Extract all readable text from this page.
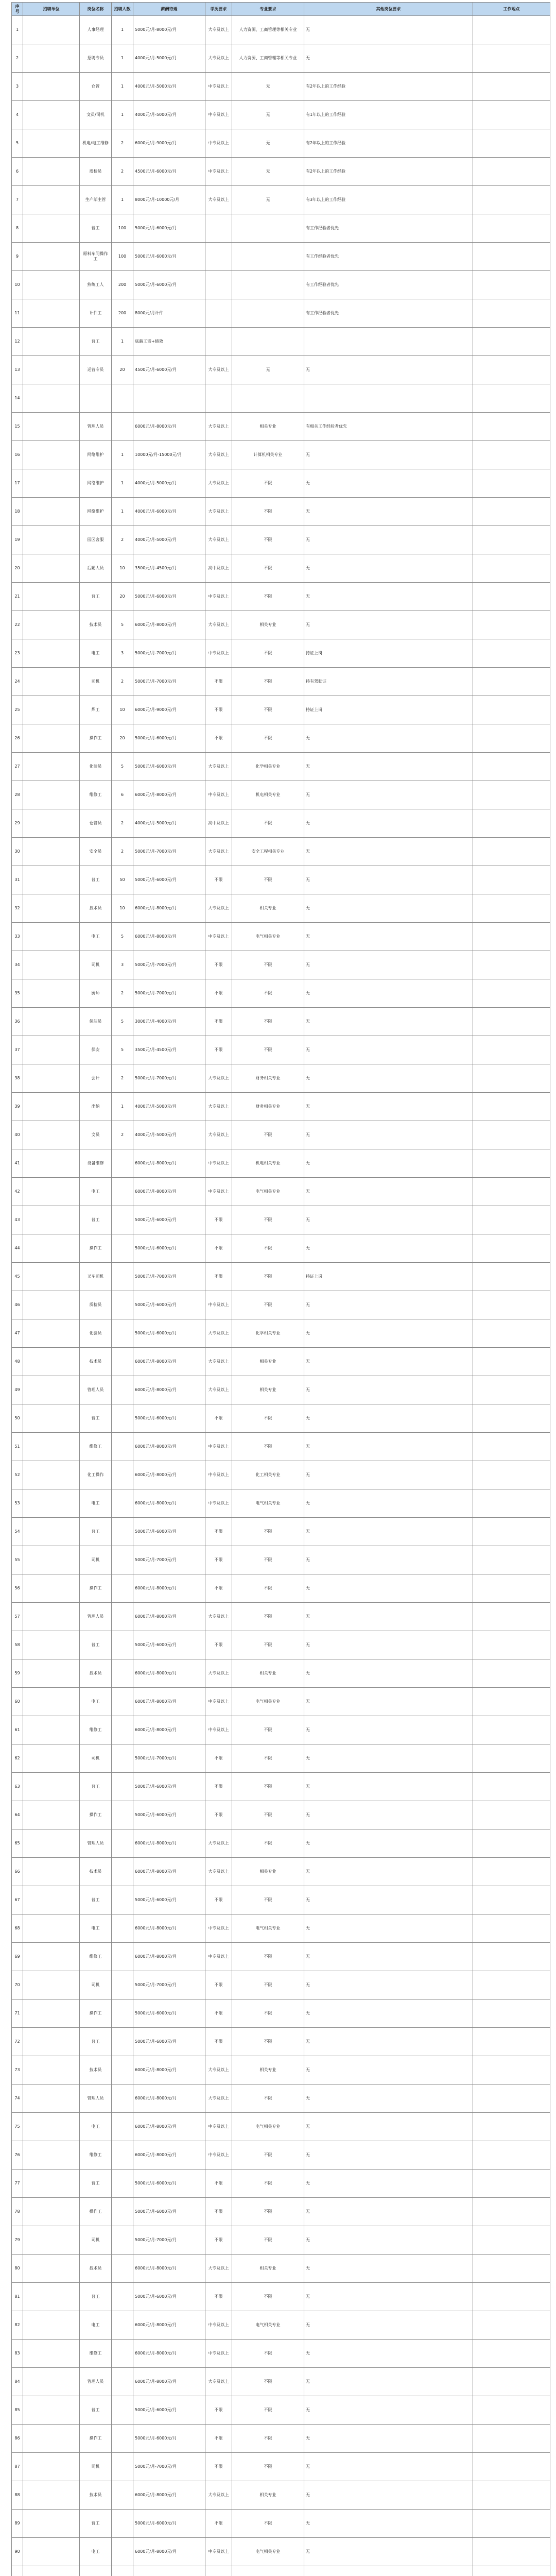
序号	招聘单位	岗位名称	招聘人数	薪酬待遇	学历要求	专业要求	其他岗位要求	工作地点
1		人事经理	1	5000元/月-8000元/月	大专及以上	人力资源、工商管理等相关专业	无	
2		招聘专员	1	4000元/月-5000元/月	大专及以上	人力资源、工商管理等相关专业	无	
3		仓管	1	4000元/月-5000元/月	中专及以上	无	有2年以上的工作经验	
4		文员/司机	1	4000元/月-5000元/月	中专及以上	无	有1年以上的工作经验	
5		机电/电工维修	2	6000元/月-9000元/月	中专及以上	无	有2年以上的工作经验	
6		质检员	2	4500元/月-6000元/月	中专及以上	无	有2年以上的工作经验	
7		生产部主管	1	8000元/月-10000元/月	大专及以上	无	有3年以上的工作经验	
8		普工	100	5000元/月-6000元/月			有工作经验者优先	
9		原料车间操作工	100	5000元/月-6000元/月			有工作经验者优先	
10		熟练工人	200	5000元/月-6000元/月			有工作经验者优先	
11		计件工	200	8000元/月计件			有工作经验者优先	
12		普工	1	底薪工资+绩效				
13		运营专员	20	4500元/月-6000元/月	大专及以上	无	无	
14								
15		管理人员		6000元/月-8000元/月	大专及以上	相关专业	有相关工作经验者优先	
16		网络维护	1	10000元/月-15000元/月	大专及以上	计算机相关专业	无	
17		网络维护	1	4000元/月-5000元/月	大专及以上	不限	无	
18		网络维护	1	4000元/月-6000元/月	大专及以上	不限	无	
19		园区客服	2	4000元/月-5000元/月	大专及以上	不限	无	
20		后勤人员	10	3500元/月-4500元/月	高中及以上	不限	无	
21		普工	20	5000元/月-6000元/月	中专及以上	不限	无	
22		技术员	5	6000元/月-8000元/月	大专及以上	相关专业	无	
23		电工	3	5000元/月-7000元/月	中专及以上	不限	持证上岗	
24		司机	2	5000元/月-7000元/月	不限	不限	持有驾驶证	
25		焊工	10	6000元/月-9000元/月	不限	不限	持证上岗	
26		操作工	20	5000元/月-6000元/月	不限	不限	无	
27		化验员	5	5000元/月-6000元/月	大专及以上	化学相关专业	无	
28		维修工	6	6000元/月-8000元/月	中专及以上	机电相关专业	无	
29		仓管员	2	4000元/月-5000元/月	高中及以上	不限	无	
30		安全员	2	5000元/月-7000元/月	大专及以上	安全工程相关专业	无	
31		普工	50	5000元/月-6000元/月	不限	不限	无	
32		技术员	10	6000元/月-8000元/月	大专及以上	相关专业	无	
33		电工	5	6000元/月-8000元/月	中专及以上	电气相关专业	无	
34		司机	3	5000元/月-7000元/月	不限	不限	无	
35		厨师	2	5000元/月-7000元/月	不限	不限	无	
36		保洁员	5	3000元/月-4000元/月	不限	不限	无	
37		保安	5	3500元/月-4500元/月	不限	不限	无	
38		会计	2	5000元/月-7000元/月	大专及以上	财务相关专业	无	
39		出纳	1	4000元/月-5000元/月	大专及以上	财务相关专业	无	
40		文员	2	4000元/月-5000元/月	大专及以上	不限	无	
41		设备维修		6000元/月-8000元/月	中专及以上	机电相关专业	无	
42		电工		6000元/月-8000元/月	中专及以上	电气相关专业	无	
43		普工		5000元/月-6000元/月	不限	不限	无	
44		操作工		5000元/月-6000元/月	不限	不限	无	
45		叉车司机		5000元/月-7000元/月	不限	不限	持证上岗	
46		质检员		5000元/月-6000元/月	中专及以上	不限	无	
47		化验员		5000元/月-6000元/月	大专及以上	化学相关专业	无	
48		技术员		6000元/月-8000元/月	大专及以上	相关专业	无	
49		管理人员		6000元/月-8000元/月	大专及以上	相关专业	无	
50		普工		5000元/月-6000元/月	不限	不限	无	
51		维修工		6000元/月-8000元/月	中专及以上	不限	无	
52		化工操作		6000元/月-8000元/月	中专及以上	化工相关专业	无	
53		电工		6000元/月-8000元/月	中专及以上	电气相关专业	无	
54		普工		5000元/月-6000元/月	不限	不限	无	
55		司机		5000元/月-7000元/月	不限	不限	无	
56		操作工		6000元/月-8000元/月	不限	不限	无	
57		管理人员		6000元/月-8000元/月	大专及以上	不限	无	
58		普工		5000元/月-6000元/月	不限	不限	无	
59		技术员		6000元/月-8000元/月	大专及以上	相关专业	无	
60		电工		6000元/月-8000元/月	中专及以上	电气相关专业	无	
61		维修工		6000元/月-8000元/月	中专及以上	不限	无	
62		司机		5000元/月-7000元/月	不限	不限	无	
63		普工		5000元/月-6000元/月	不限	不限	无	
64		操作工		5000元/月-6000元/月	不限	不限	无	
65		管理人员		6000元/月-8000元/月	大专及以上	不限	无	
66		技术员		6000元/月-8000元/月	大专及以上	相关专业	无	
67		普工		5000元/月-6000元/月	不限	不限	无	
68		电工		6000元/月-8000元/月	中专及以上	电气相关专业	无	
69		维修工		6000元/月-8000元/月	中专及以上	不限	无	
70		司机		5000元/月-7000元/月	不限	不限	无	
71		操作工		5000元/月-6000元/月	不限	不限	无	
72		普工		5000元/月-6000元/月	不限	不限	无	
73		技术员		6000元/月-8000元/月	大专及以上	相关专业	无	
74		管理人员		6000元/月-8000元/月	大专及以上	不限	无	
75		电工		6000元/月-8000元/月	中专及以上	电气相关专业	无	
76		维修工		6000元/月-8000元/月	中专及以上	不限	无	
77		普工		5000元/月-6000元/月	不限	不限	无	
78		操作工		5000元/月-6000元/月	不限	不限	无	
79		司机		5000元/月-7000元/月	不限	不限	无	
80		技术员		6000元/月-8000元/月	大专及以上	相关专业	无	
81		普工		5000元/月-6000元/月	不限	不限	无	
82		电工		6000元/月-8000元/月	中专及以上	电气相关专业	无	
83		维修工		6000元/月-8000元/月	中专及以上	不限	无	
84		管理人员		6000元/月-8000元/月	大专及以上	不限	无	
85		普工		5000元/月-6000元/月	不限	不限	无	
86		操作工		5000元/月-6000元/月	不限	不限	无	
87		司机		5000元/月-7000元/月	不限	不限	无	
88		技术员		6000元/月-8000元/月	大专及以上	相关专业	无	
89		普工		5000元/月-6000元/月	不限	不限	无	
90		电工		6000元/月-8000元/月	中专及以上	电气相关专业	无	
